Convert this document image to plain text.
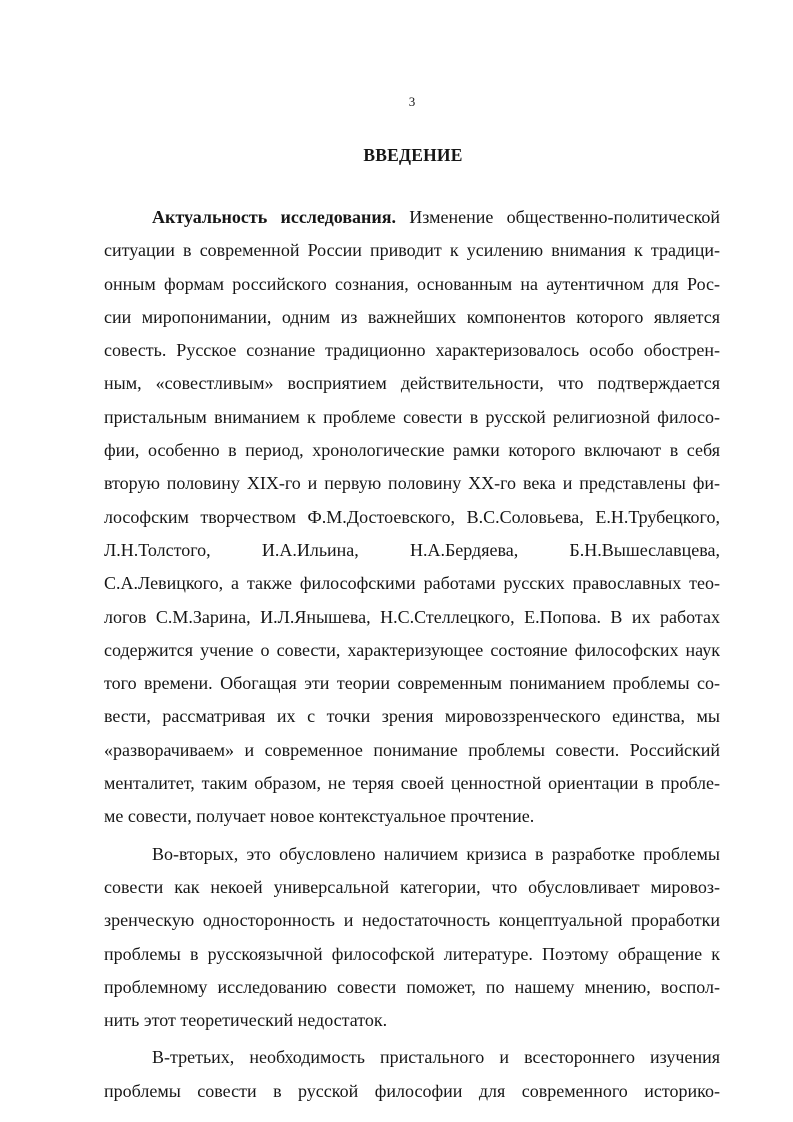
3
ВВЕДЕНИЕ
Актуальность исследования. Изменение общественно-политической
ситуации в современной России приводит к усилению внимания к традици-
онным формам российского сознания, основанным на аутентичном для Рос-
сии миропонимании, одним из важнейших компонентов которого является
совесть. Русское сознание традиционно характеризовалось особо обострен-
ным, «совестливым» восприятием действительности, что подтверждается
пристальным вниманием к проблеме совести в русской религиозной филосо-
фии, особенно в период, хронологические рамки которого включают в себя
вторую половину XIX-го и первую половину XX-го века и представлены фи-
лософским творчеством Ф.М.Достоевского, В.С.Соловьева, Е.Н.Трубецкого,
Л.Н.Толстого, И.А.Ильина, Н.А.Бердяева, Б.Н.Вышеславцева,
С.А.Левицкого, а также философскими работами русских православных тео-
логов С.М.Зарина, И.Л.Янышева, Н.С.Стеллецкого, Е.Попова. В их работах
содержится учение о совести, характеризующее состояние философских наук
того времени. Обогащая эти теории современным пониманием проблемы со-
вести, рассматривая их с точки зрения мировоззренческого единства, мы
«разворачиваем» и современное понимание проблемы совести. Российский
менталитет, таким образом, не теряя своей ценностной ориентации в пробле-
ме совести, получает новое контекстуальное прочтение.
Во-вторых, это обусловлено наличием кризиса в разработке проблемы
совести как некоей универсальной категории, что обусловливает мировоз-
зренческую односторонность и недостаточность концептуальной проработки
проблемы в русскоязычной философской литературе. Поэтому обращение к
проблемному исследованию совести поможет, по нашему мнению, воспол-
нить этот теоретический недостаток.
В-третьих, необходимость пристального и всестороннего изучения
проблемы совести в русской философии для современного историко-
